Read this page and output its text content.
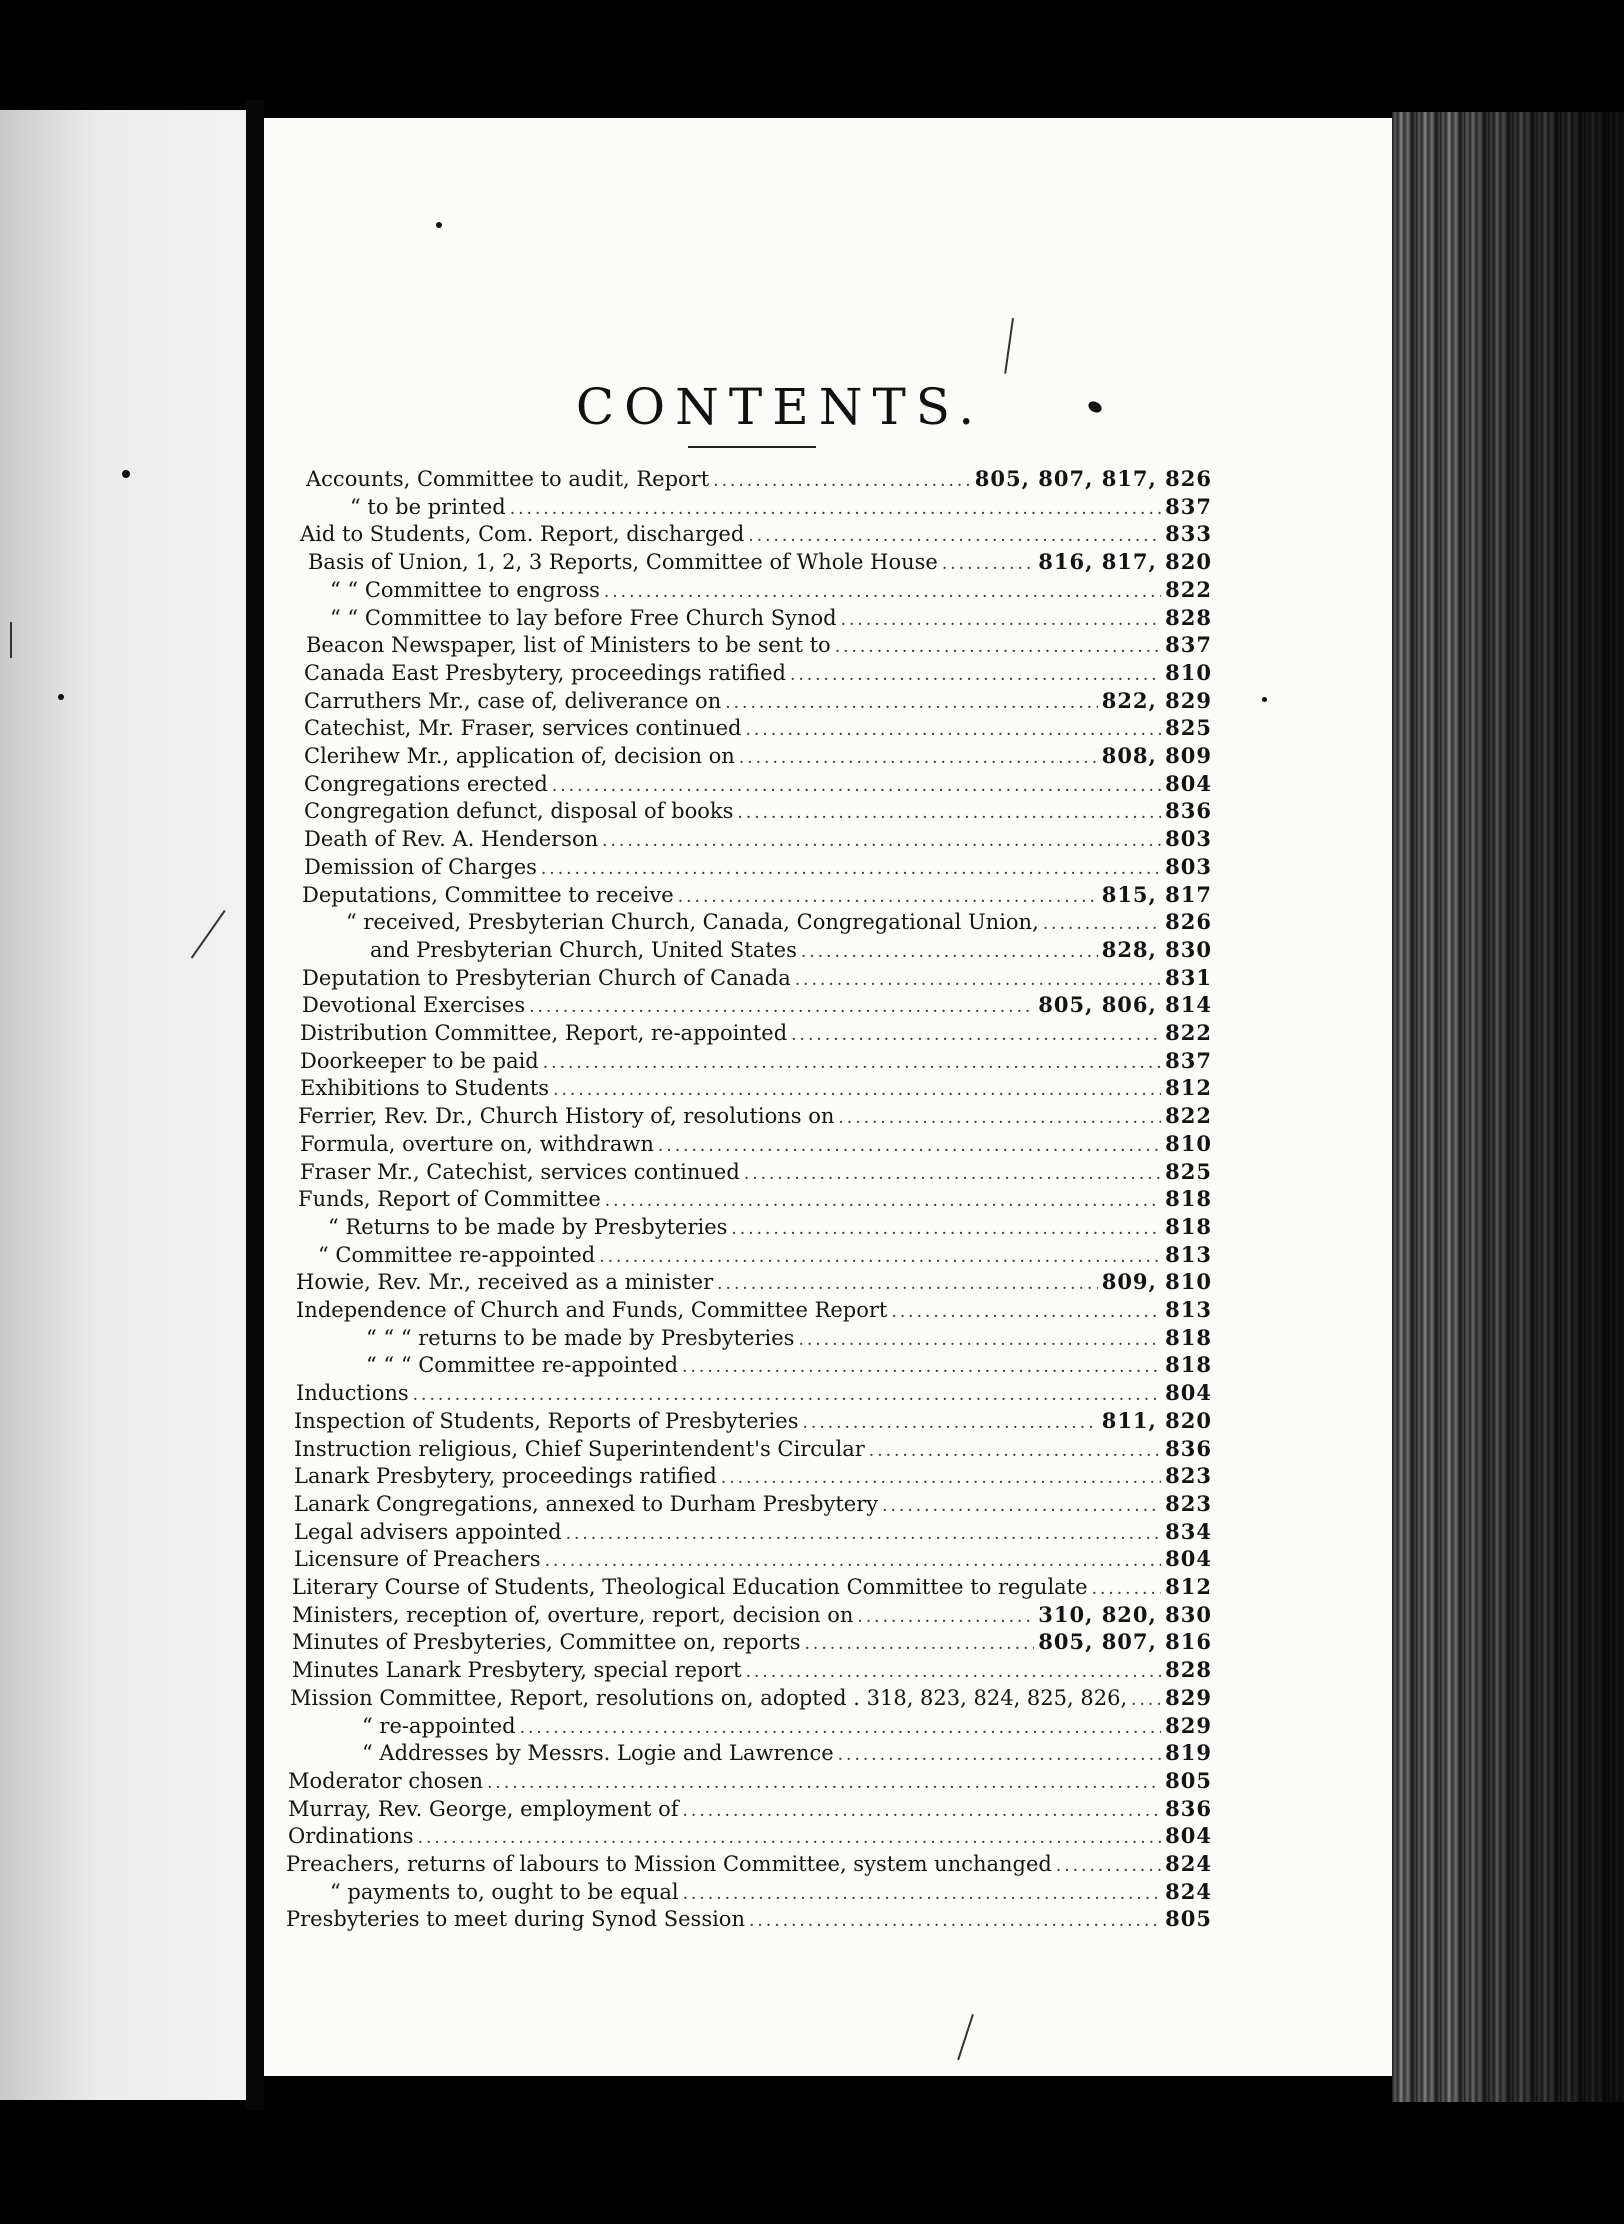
CONTENTS.
Accounts, Committee to audit, Report .....	805, 807, 817, 826
“ to be printed .....	837
Aid to Students, Com. Report, discharged .....	833
Basis of Union, 1, 2, 3 Reports, Committee of Whole House .....	816, 817, 820
“ “ Committee to engross .....	822
“ “ Committee to lay before Free Church Synod .....	828
Beacon Newspaper, list of Ministers to be sent to .....	837
Canada East Presbytery, proceedings ratified .....	810
Carruthers Mr., case of, deliverance on .....	822, 829
Catechist, Mr. Fraser, services continued .....	825
Clerihew Mr., application of, decision on .....	808, 809
Congregations erected .....	804
Congregation defunct, disposal of books .....	836
Death of Rev. A. Henderson .....	803
Demission of Charges .....	803
Deputations, Committee to receive .....	815, 817
“ received, Presbyterian Church, Canada, Congregational Union, .....	826
and Presbyterian Church, United States .....	828, 830
Deputation to Presbyterian Church of Canada .....	831
Devotional Exercises .....	805, 806, 814
Distribution Committee, Report, re-appointed .....	822
Doorkeeper to be paid .....	837
Exhibitions to Students .....	812
Ferrier, Rev. Dr., Church History of, resolutions on .....	822
Formula, overture on, withdrawn .....	810
Fraser Mr., Catechist, services continued .....	825
Funds, Report of Committee .....	818
“ Returns to be made by Presbyteries .....	818
“ Committee re-appointed .....	813
Howie, Rev. Mr., received as a minister .....	809, 810
Independence of Church and Funds, Committee Report .....	813
“ “ “ returns to be made by Presbyteries .....	818
“ “ “ Committee re-appointed .....	818
Inductions .....	804
Inspection of Students, Reports of Presbyteries .....	811, 820
Instruction religious, Chief Superintendent's Circular .....	836
Lanark Presbytery, proceedings ratified .....	823
Lanark Congregations, annexed to Durham Presbytery .....	823
Legal advisers appointed .....	834
Licensure of Preachers .....	804
Literary Course of Students, Theological Education Committee to regulate .....	812
Ministers, reception of, overture, report, decision on .....	310, 820, 830
Minutes of Presbyteries, Committee on, reports .....	805, 807, 816
Minutes Lanark Presbytery, special report .....	828
Mission Committee, Report, resolutions on, adopted . 318, 823, 824, 825, 826, ..... 829
“ re-appointed .....	829
“ Addresses by Messrs. Logie and Lawrence .....	819
Moderator chosen .....	805
Murray, Rev. George, employment of .....	836
Ordinations .....	804
Preachers, returns of labours to Mission Committee, system unchanged .....	824
“ payments to, ought to be equal .....	824
Presbyteries to meet during Synod Session .....	805
